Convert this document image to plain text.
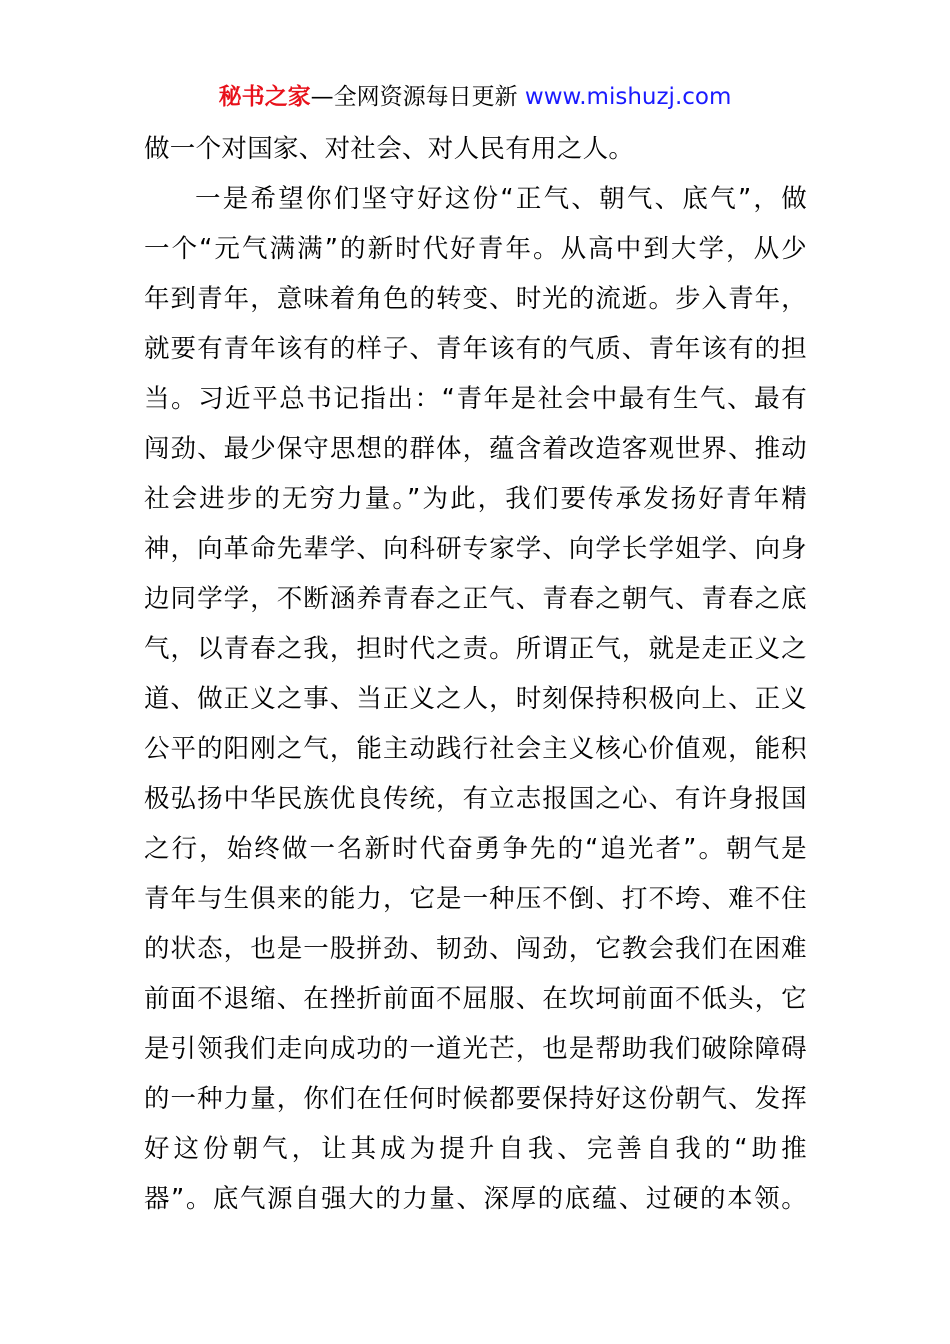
秘书之家—全网资源每日更新 www.mishuzj.com
做一个对国家、对社会、对人民有用之人。
一是希望你们坚守好这份“正气、朝气、底气”，做
一个“元气满满”的新时代好青年。从高中到大学，从少
年到青年，意味着角色的转变、时光的流逝。步入青年，
就要有青年该有的样子、青年该有的气质、青年该有的担
当。习近平总书记指出：“青年是社会中最有生气、最有
闯劲、最少保守思想的群体，蕴含着改造客观世界、推动
社会进步的无穷力量。”为此，我们要传承发扬好青年精
神，向革命先辈学、向科研专家学、向学长学姐学、向身
边同学学，不断涵养青春之正气、青春之朝气、青春之底
气，以青春之我，担时代之责。所谓正气，就是走正义之
道、做正义之事、当正义之人，时刻保持积极向上、正义
公平的阳刚之气，能主动践行社会主义核心价值观，能积
极弘扬中华民族优良传统，有立志报国之心、有许身报国
之行，始终做一名新时代奋勇争先的“追光者”。朝气是
青年与生俱来的能力，它是一种压不倒、打不垮、难不住
的状态，也是一股拼劲、韧劲、闯劲，它教会我们在困难
前面不退缩、在挫折前面不屈服、在坎坷前面不低头，它
是引领我们走向成功的一道光芒，也是帮助我们破除障碍
的一种力量，你们在任何时候都要保持好这份朝气、发挥
好这份朝气，让其成为提升自我、完善自我的“助推
器”。底气源自强大的力量、深厚的底蕴、过硬的本领。
